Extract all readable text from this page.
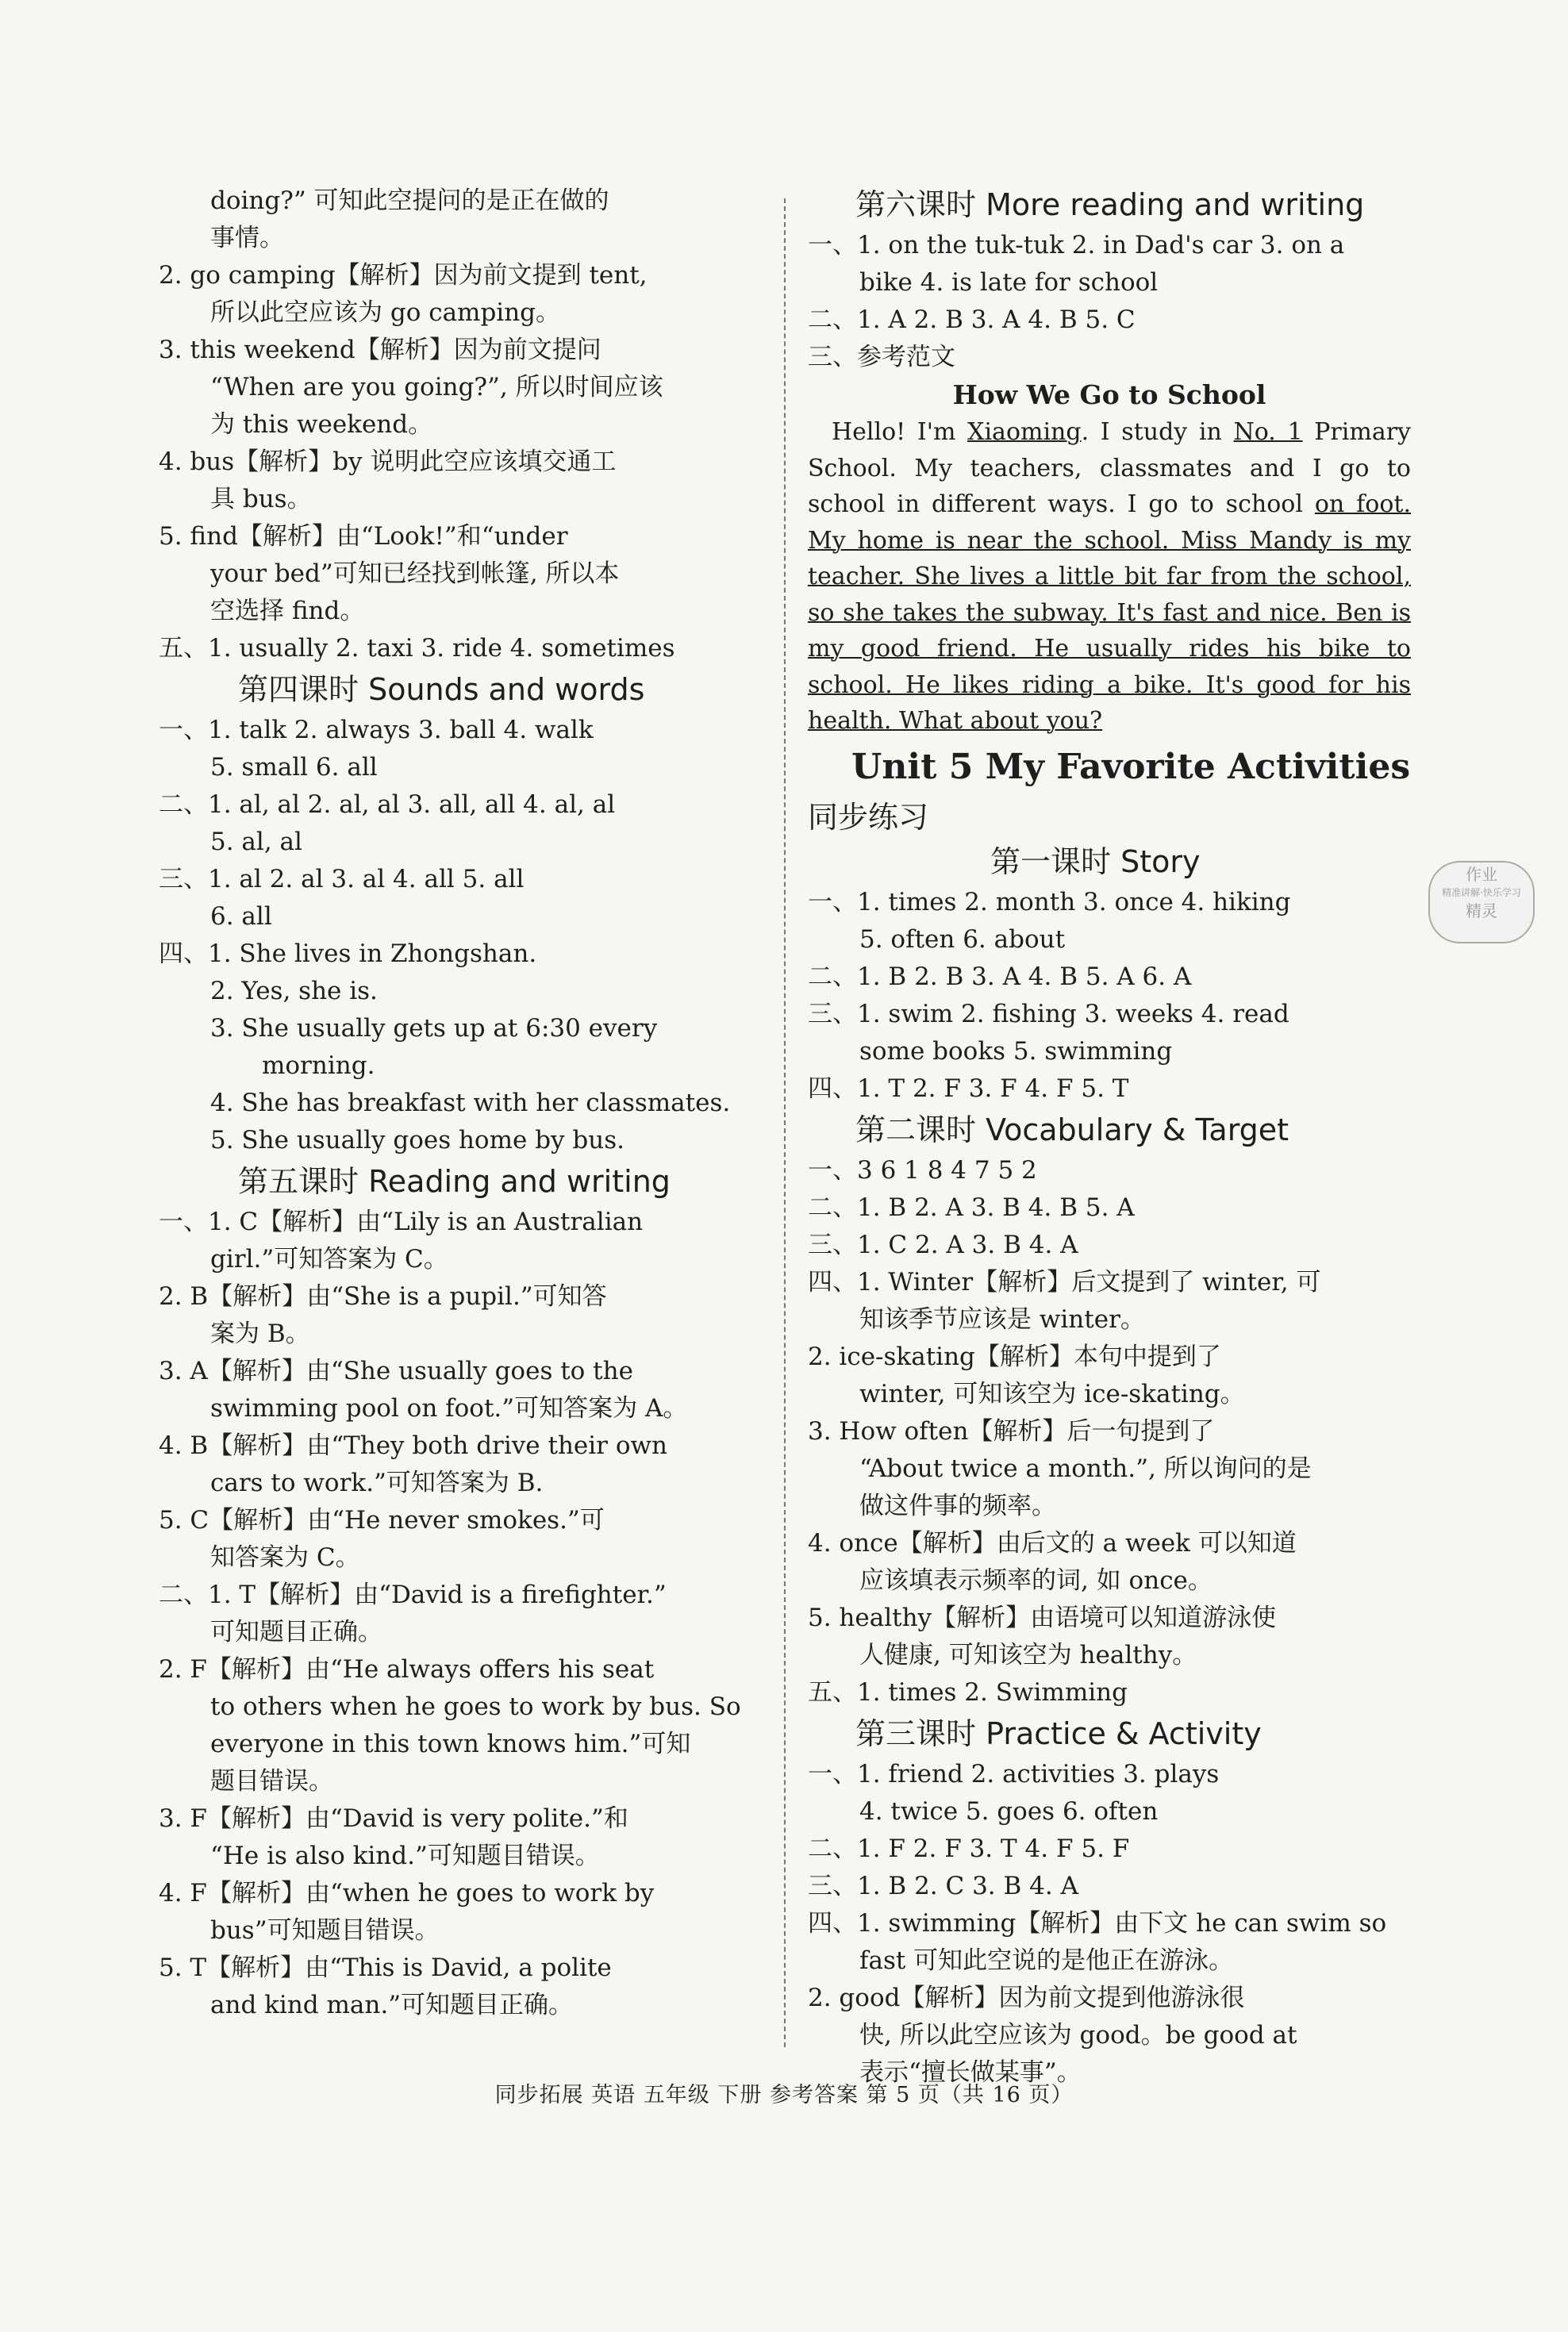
doing?” 可知此空提问的是正在做的
事情。
2. go camping【解析】因为前文提到 tent,
所以此空应该为 go camping。
3. this weekend【解析】因为前文提问
“When are you going?”, 所以时间应该
为 this weekend。
4. bus【解析】by 说明此空应该填交通工
具 bus。
5. find【解析】由“Look!”和“under
your bed”可知已经找到帐篷, 所以本
空选择 find。
五、1. usually 2. taxi 3. ride 4. sometimes
第四课时 Sounds and words
一、1. talk 2. always 3. ball 4. walk
5. small 6. all
二、1. al, al 2. al, al 3. all, all 4. al, al
5. al, al
三、1. al 2. al 3. al 4. all 5. all
6. all
四、1. She lives in Zhongshan.
2. Yes, she is.
3. She usually gets up at 6:30 every
morning.
4. She has breakfast with her classmates.
5. She usually goes home by bus.
第五课时 Reading and writing
一、1. C【解析】由“Lily is an Australian
girl.”可知答案为 C。
2. B【解析】由“She is a pupil.”可知答
案为 B。
3. A【解析】由“She usually goes to the
swimming pool on foot.”可知答案为 A。
4. B【解析】由“They both drive their own
cars to work.”可知答案为 B.
5. C【解析】由“He never smokes.”可
知答案为 C。
二、1. T【解析】由“David is a firefighter.”
可知题目正确。
2. F【解析】由“He always offers his seat
to others when he goes to work by bus. So
everyone in this town knows him.”可知
题目错误。
3. F【解析】由“David is very polite.”和
“He is also kind.”可知题目错误。
4. F【解析】由“when he goes to work by
bus”可知题目错误。
5. T【解析】由“This is David, a polite
and kind man.”可知题目正确。
第六课时 More reading and writing
一、1. on the tuk-tuk 2. in Dad's car 3. on a
bike 4. is late for school
二、1. A 2. B 3. A 4. B 5. C
三、参考范文
How We Go to School
 Hello! I'm Xiaoming. I study in No. 1 Primary School. My teachers, classmates and I go to school in different ways. I go to school on foot. My home is near the school. Miss Mandy is my teacher. She lives a little bit far from the school, so she takes the subway. It's fast and nice. Ben is my good friend. He usually rides his bike to school. He likes riding a bike. It's good for his health. What about you?
Unit 5 My Favorite Activities
同步练习
第一课时 Story
一、1. times 2. month 3. once 4. hiking
5. often 6. about
二、1. B 2. B 3. A 4. B 5. A 6. A
三、1. swim 2. fishing 3. weeks 4. read
some books 5. swimming
四、1. T 2. F 3. F 4. F 5. T
第二课时 Vocabulary & Target
一、3 6 1 8 4 7 5 2
二、1. B 2. A 3. B 4. B 5. A
三、1. C 2. A 3. B 4. A
四、1. Winter【解析】后文提到了 winter, 可
知该季节应该是 winter。
2. ice-skating【解析】本句中提到了
winter, 可知该空为 ice-skating。
3. How often【解析】后一句提到了
“About twice a month.”, 所以询问的是
做这件事的频率。
4. once【解析】由后文的 a week 可以知道
应该填表示频率的词, 如 once。
5. healthy【解析】由语境可以知道游泳使
人健康, 可知该空为 healthy。
五、1. times 2. Swimming
第三课时 Practice & Activity
一、1. friend 2. activities 3. plays
4. twice 5. goes 6. often
二、1. F 2. F 3. T 4. F 5. F
三、1. B 2. C 3. B 4. A
四、1. swimming【解析】由下文 he can swim so
fast 可知此空说的是他正在游泳。
2. good【解析】因为前文提到他游泳很
快, 所以此空应该为 good。be good at
表示“擅长做某事”。
作业
精准讲解·快乐学习
精灵
同步拓展 英语 五年级 下册 参考答案 第 5 页（共 16 页）
